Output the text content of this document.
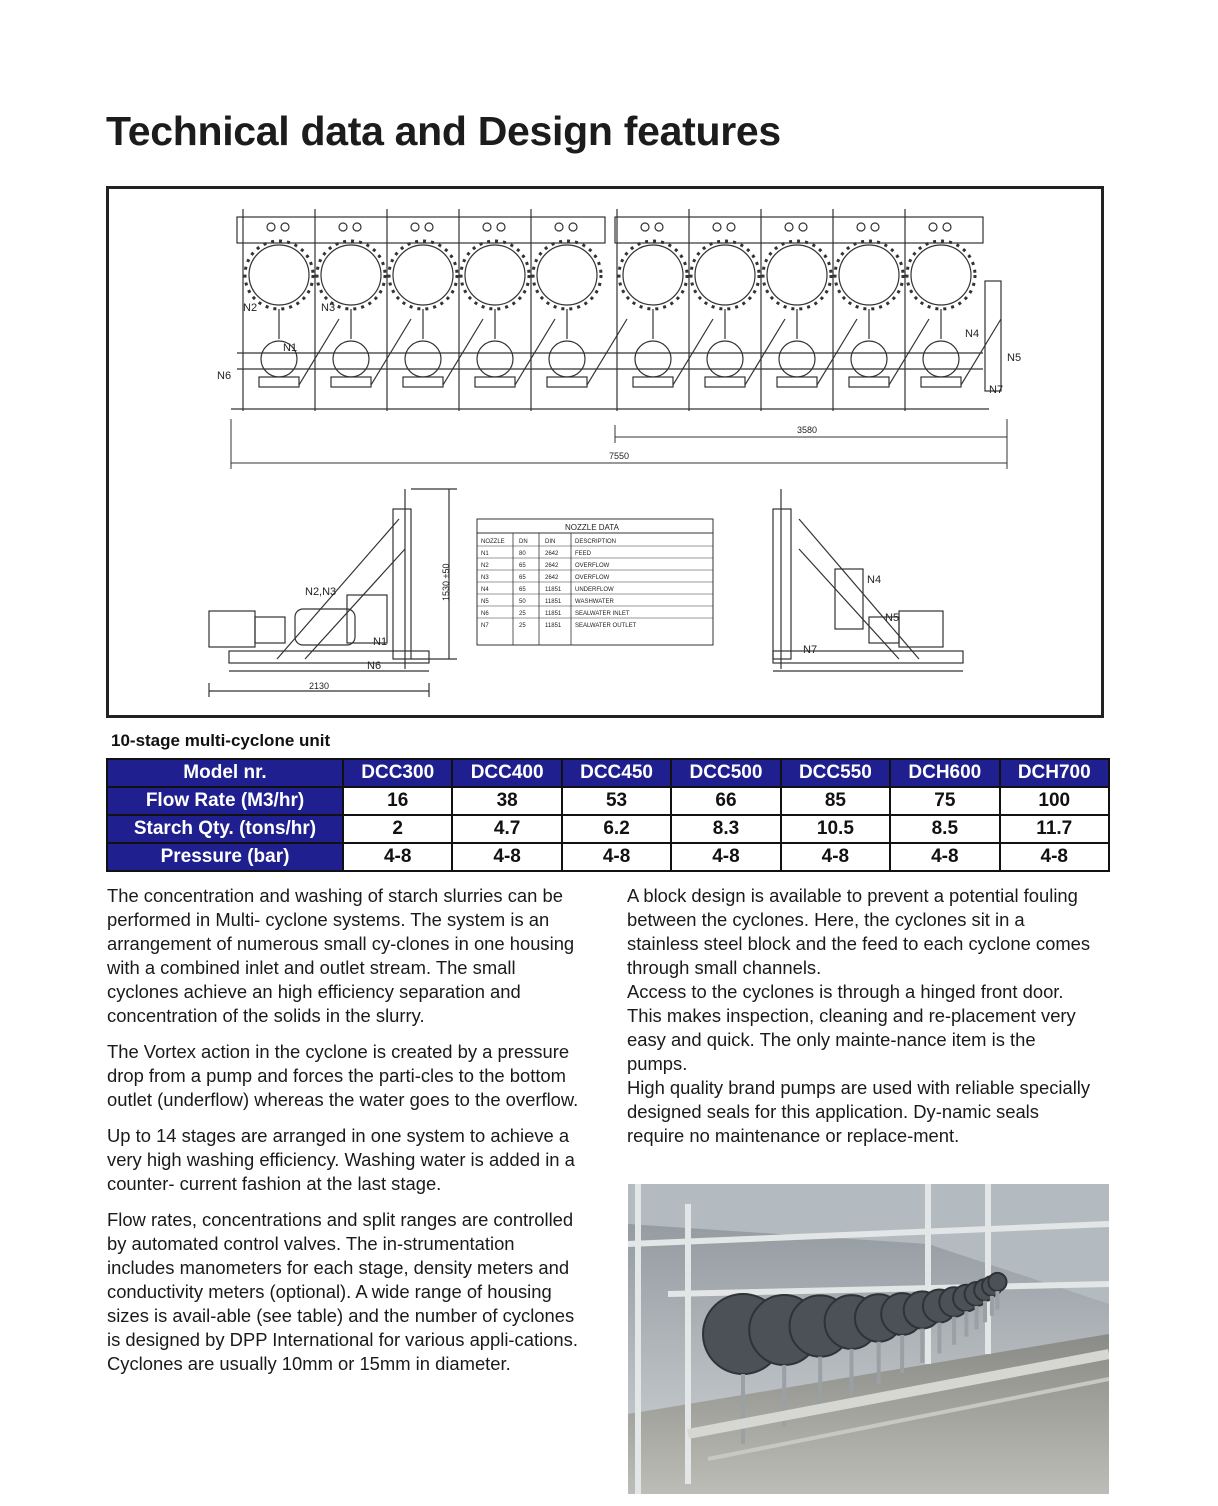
Technical data and Design features
3580
7550
N2	N3
N1
N6
N4
N5
N7
N2,N3
N1
N6
2130
1530 ±50	N4
N5
N7
NOZZLE DATA
NOZZLE DN	DIN	DESCRIPTION
N1	80	2642	FEED
N2	65	2642	OVERFLOW
N3	65	2642	OVERFLOW
N4	65	11851 UNDERFLOW
N5	50	11851 WASHWATER
N6	25	11851 SEALWATER INLET
N7	25	11851 SEALWATER OUTLET
10-stage multi-cyclone unit
Model nr.	DCC300	DCC400	DCC450	DCC500	DCC550	DCH600	DCH700
Flow Rate (M3/hr)	16	38	53	66	85	75	100
Starch Qty. (tons/hr)	2	4.7	6.2	8.3	10.5	8.5	11.7
Pressure (bar)	4-8	4-8	4-8	4-8	4-8	4-8	4-8

The concentration and washing of starch slurries can be performed in Multi- cyclone systems. The system is an arrangement of numerous small cy-clones in one housing with a combined inlet and outlet stream. The small cyclones achieve an high efficiency separation and concentration of the solids in the slurry.

The Vortex action in the cyclone is created by a pressure drop from a pump and forces the parti-cles to the bottom outlet (underflow) whereas the water goes to the overflow.

Up to 14 stages are arranged in one system to achieve a very high washing efficiency. Washing water is added in a counter- current fashion at the last stage.

Flow rates, concentrations and split ranges are controlled by automated control valves. The in-strumentation includes manometers for each stage, density meters and conductivity meters (optional). A wide range of housing sizes is avail-able (see table) and the number of cyclones is designed by DPP International for various appli-cations. Cyclones are usually 10mm or 15mm in diameter.

A block design is available to prevent a potential fouling between the cyclones. Here, the cyclones sit in a stainless steel block and the feed to each cyclone comes through small channels.

Access to the cyclones is through a hinged front door. This makes inspection, cleaning and re-placement very easy and quick. The only mainte-nance item is the pumps.

High quality brand pumps are used with reliable specially designed seals for this application. Dy-namic seals require no maintenance or replace-ment.
